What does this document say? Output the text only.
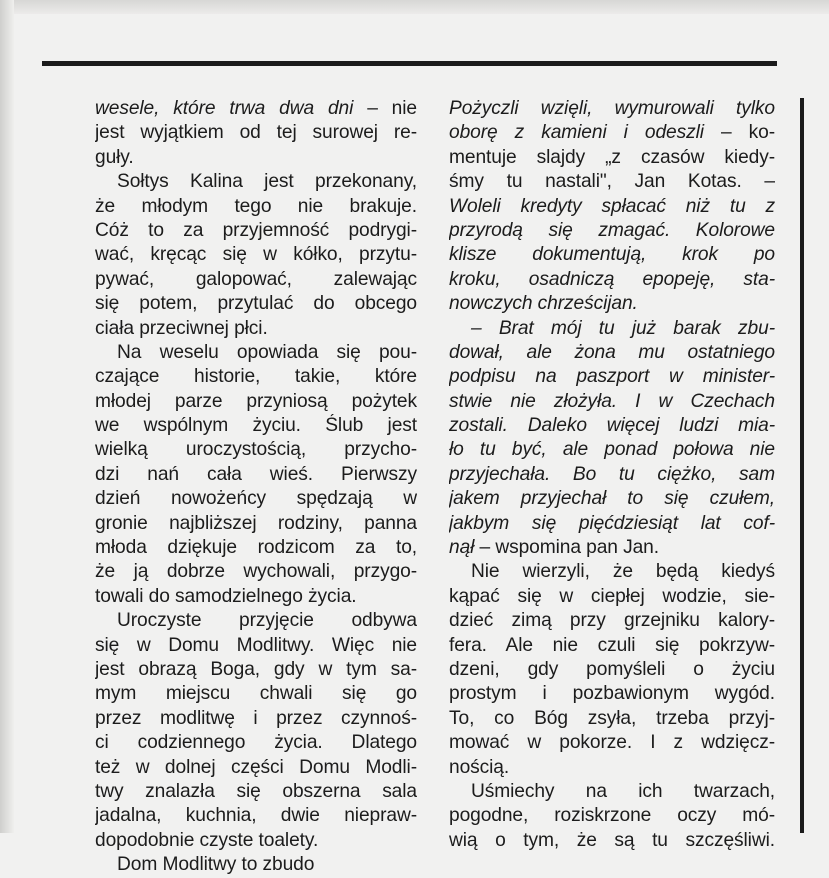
wesele, które trwa dwa dni – nie
jest wyjątkiem od tej surowej re-
guły.
Sołtys Kalina jest przekonany,
że młodym tego nie brakuje.
Cóż to za przyjemność podrygi-
wać, kręcąc się w kółko, przytu-
pywać, galopować, zalewając
się potem, przytulać do obcego
ciała przeciwnej płci.
Na weselu opowiada się pou-
czające historie, takie, które
młodej parze przyniosą pożytek
we wspólnym życiu. Ślub jest
wielką uroczystością, przycho-
dzi nań cała wieś. Pierwszy
dzień nowożeńcy spędzają w
gronie najbliższej rodziny, panna
młoda dziękuje rodzicom za to,
że ją dobrze wychowali, przygo-
towali do samodzielnego życia.
Uroczyste przyjęcie odbywa
się w Domu Modlitwy. Więc nie
jest obrazą Boga, gdy w tym sa-
mym miejscu chwali się go
przez modlitwę i przez czynnoś-
ci codziennego życia. Dlatego
też w dolnej części Domu Modli-
twy znalazła się obszerna sala
jadalna, kuchnia, dwie niepraw-
dopodobnie czyste toalety.
Dom Modlitwy to zbudo
Pożyczli wzięli, wymurowali tylko
oborę z kamieni i odeszli – ko-
mentuje slajdy „z czasów kiedy-
śmy tu nastali", Jan Kotas. –
Woleli kredyty spłacać niż tu z
przyrodą się zmagać. Kolorowe
klisze dokumentują, krok po
kroku, osadniczą epopeję, sta-
nowczych chrześcijan.
– Brat mój tu już barak zbu-
dował, ale żona mu ostatniego
podpisu na paszport w minister-
stwie nie złożyła. I w Czechach
zostali. Daleko więcej ludzi mia-
ło tu być, ale ponad połowa nie
przyjechała. Bo tu ciężko, sam
jakem przyjechał to się czułem,
jakbym się pięćdziesiąt lat cof-
nął – wspomina pan Jan.
Nie wierzyli, że będą kiedyś
kąpać się w ciepłej wodzie, sie-
dzieć zimą przy grzejniku kalory-
fera. Ale nie czuli się pokrzyw-
dzeni, gdy pomyśleli o życiu
prostym i pozbawionym wygód.
To, co Bóg zsyła, trzeba przyj-
mować w pokorze. I z wdzięcz-
nością.
Uśmiechy na ich twarzach,
pogodne, roziskrzone oczy mó-
wią o tym, że są tu szczęśliwi.
